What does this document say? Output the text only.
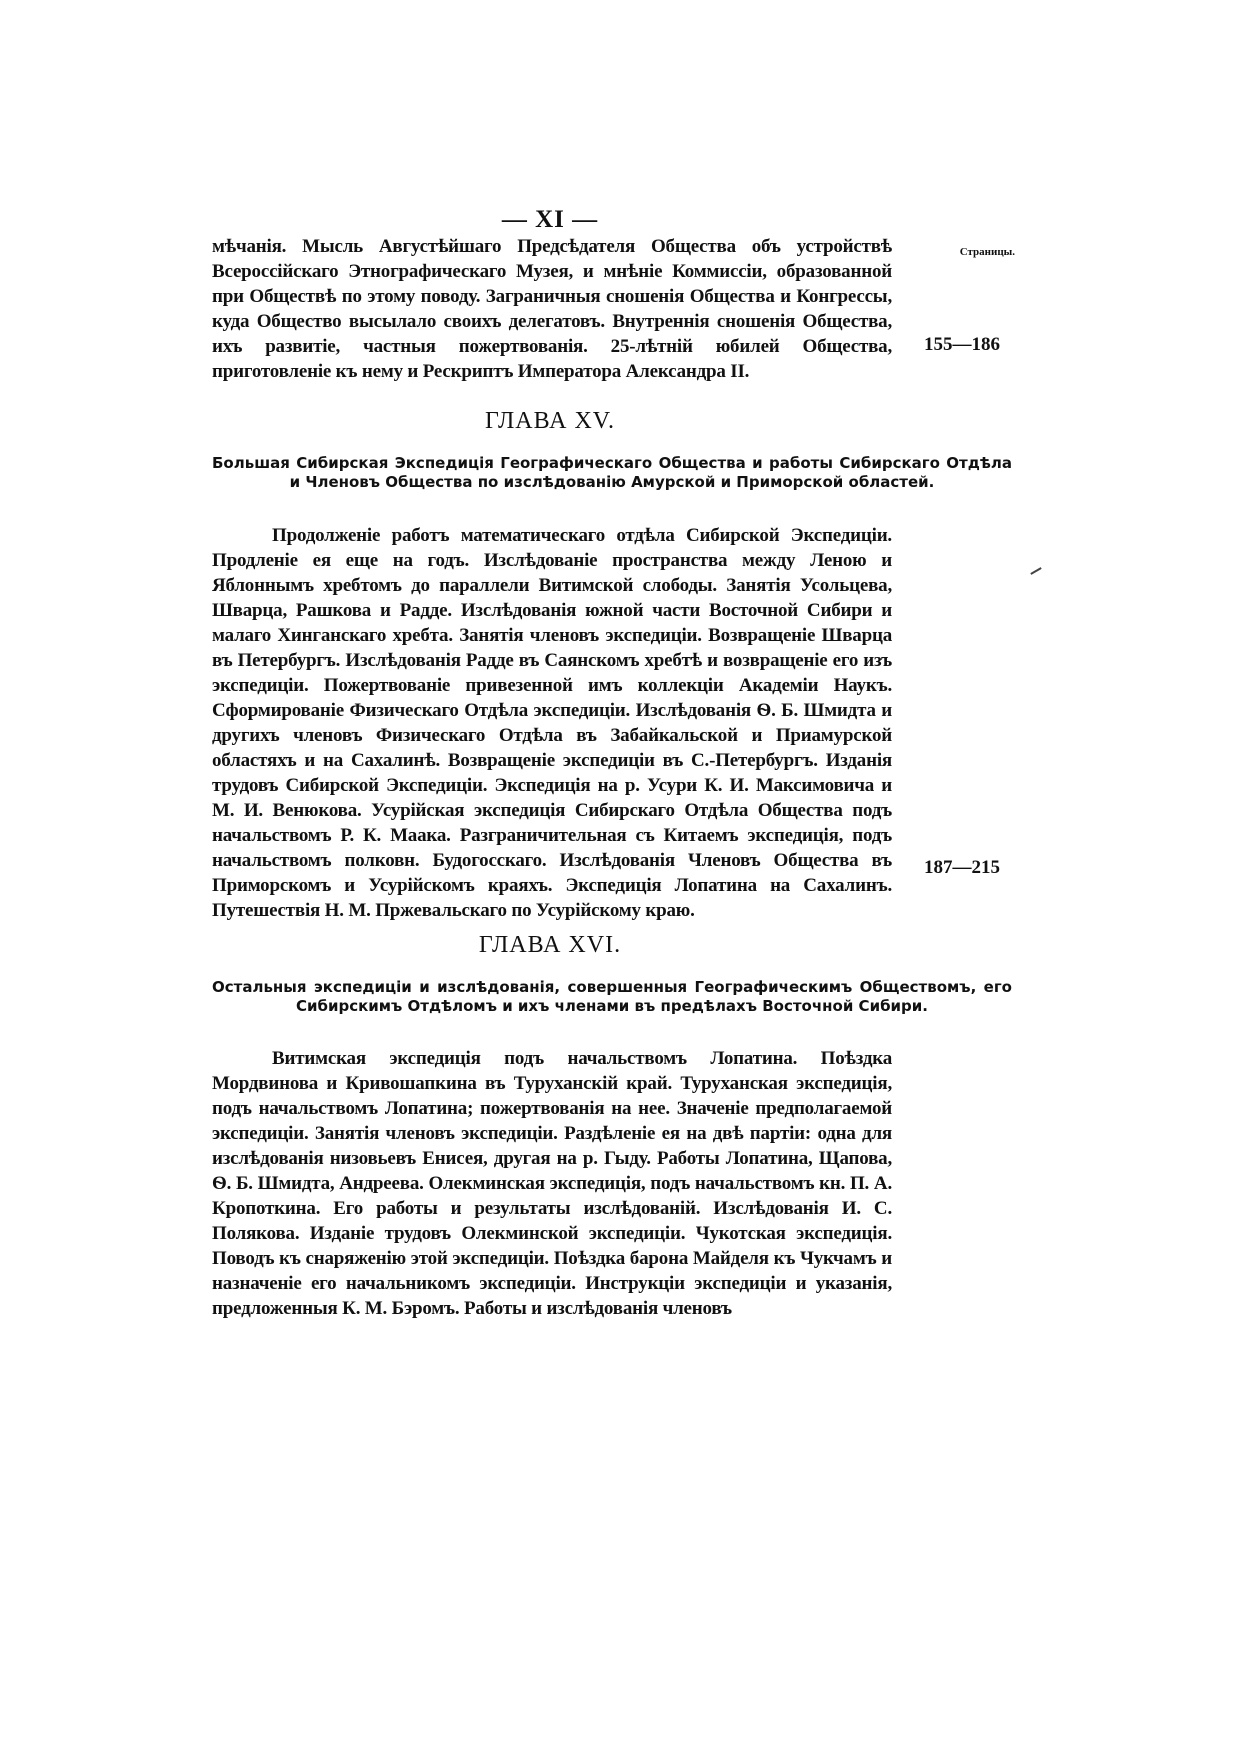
— XI —
Страницы.

мѣчанія. Мысль Августѣйшаго Предсѣдателя Общества объ устройствѣ Всероссійскаго Этнографическаго Музея, и мнѣніе Коммиссіи, образованной при Обществѣ по этому поводу. Заграничныя сношенія Общества и Конгрессы, куда Общество высылало своихъ делегатовъ. Внутреннія сношенія Общества, ихъ развитіе, частныя пожертвованія. 25-лѣтній юбилей Общества, приготовленіе къ нему и Рескриптъ Императора Александра II.

155—186
ГЛАВА XV.
Большая Сибирская Экспедиція Географическаго Общества и работы Сибирскаго Отдѣла и Членовъ Общества по изслѣдованію Амурской и Приморской областей.

Продолженіе работъ математическаго отдѣла Сибирской Экспедиціи. Продленіе ея еще на годъ. Изслѣдованіе пространства между Леною и Яблоннымъ хребтомъ до параллели Витимской слободы. Занятія Усольцева, Шварца, Рашкова и Радде. Изслѣдованія южной части Восточной Сибири и малаго Хинганскаго хребта. Занятія членовъ экспедиціи. Возвращеніе Шварца въ Петербургъ. Изслѣдованія Радде въ Саянскомъ хребтѣ и возвращеніе его изъ экспедиціи. Пожертвованіе привезенной имъ коллекціи Академіи Наукъ. Сформированіе Физическаго Отдѣла экспедиціи. Изслѣдованія Ѳ. Б. Шмидта и другихъ членовъ Физическаго Отдѣла въ Забайкальской и Приамурской областяхъ и на Сахалинѣ. Возвращеніе экспедиціи въ С.-Петербургъ. Изданія трудовъ Сибирской Экспедиціи. Экспедиція на р. Усури К. И. Максимовича и М. И. Венюкова. Усурійская экспедиція Сибирскаго Отдѣла Общества подъ начальствомъ Р. К. Маака. Разграничительная съ Китаемъ экспедиція, подъ начальствомъ полковн. Будогосскаго. Изслѣдованія Членовъ Общества въ Приморскомъ и Усурійскомъ краяхъ. Экспедиція Лопатина на Сахалинъ. Путешествія Н. М. Пржевальскаго по Усурійскому краю.

187—215
ГЛАВА XVI.
Остальныя экспедиціи и изслѣдованія, совершенныя Географическимъ Обществомъ, его Сибирскимъ Отдѣломъ и ихъ членами въ предѣлахъ Восточной Сибири.

Витимская экспедиція подъ начальствомъ Лопатина. Поѣздка Мордвинова и Кривошапкина въ Туруханскій край. Туруханская экспедиція, подъ начальствомъ Лопатина; пожертвованія на нее. Значеніе предполагаемой экспедиціи. Занятія членовъ экспедиціи. Раздѣленіе ея на двѣ партіи: одна для изслѣдованія низовьевъ Енисея, другая на р. Гыду. Работы Лопатина, Щапова, Ѳ. Б. Шмидта, Андреева. Олекминская экспедиція, подъ начальствомъ кн. П. А. Кропоткина. Его работы и результаты изслѣдованій. Изслѣдованія И. С. Полякова. Изданіе трудовъ Олекминской экспедиціи. Чукотская экспедиція. Поводъ къ снаряженію этой экспедиціи. Поѣздка барона Майделя къ Чукчамъ и назначеніе его начальникомъ экспедиціи. Инструкціи экспедиціи и указанія, предложенныя К. М. Бэромъ. Работы и изслѣдованія членовъ
